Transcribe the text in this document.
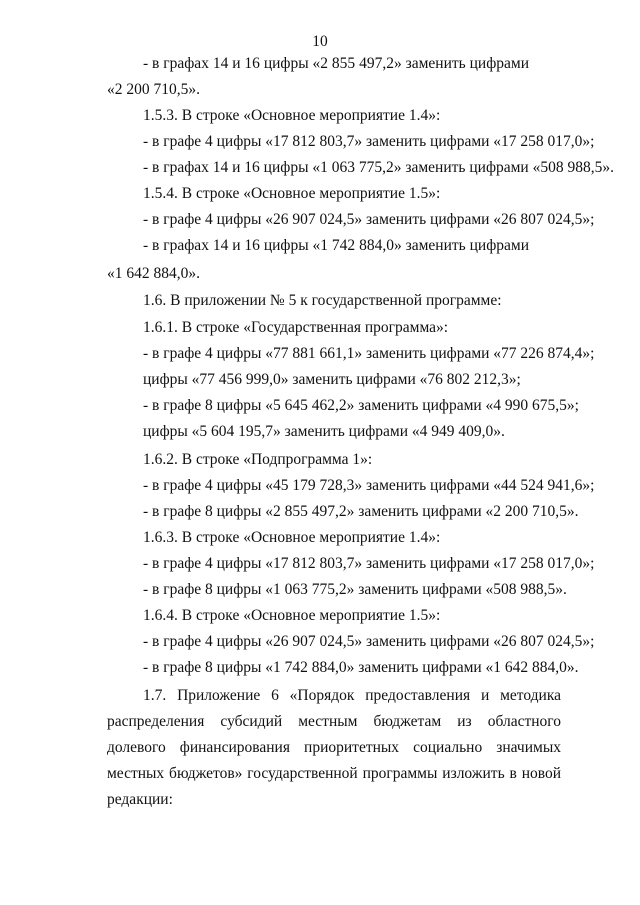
10
- в графах 14 и 16 цифры «2 855 497,2» заменить цифрами
«2 200 710,5».
1.5.3. В строке «Основное мероприятие 1.4»:
- в графе 4 цифры «17 812 803,7» заменить цифрами «17 258 017,0»;
- в графах 14 и 16 цифры «1 063 775,2» заменить цифрами «508 988,5».
1.5.4. В строке «Основное мероприятие 1.5»:
- в графе 4 цифры «26 907 024,5» заменить цифрами «26 807 024,5»;
- в графах 14 и 16 цифры «1 742 884,0» заменить цифрами
«1 642 884,0».
1.6. В приложении № 5 к государственной программе:
1.6.1. В строке «Государственная программа»:
- в графе 4 цифры «77 881 661,1» заменить цифрами «77 226 874,4»;
цифры «77 456 999,0» заменить цифрами «76 802 212,3»;
- в графе 8 цифры «5 645 462,2» заменить цифрами «4 990 675,5»;
цифры «5 604 195,7» заменить цифрами «4 949 409,0».
1.6.2. В строке «Подпрограмма 1»:
- в графе 4 цифры «45 179 728,3» заменить цифрами «44 524 941,6»;
- в графе 8 цифры «2 855 497,2» заменить цифрами «2 200 710,5».
1.6.3. В строке «Основное мероприятие 1.4»:
- в графе 4 цифры «17 812 803,7» заменить цифрами «17 258 017,0»;
- в графе 8 цифры «1 063 775,2» заменить цифрами «508 988,5».
1.6.4. В строке «Основное мероприятие 1.5»:
- в графе 4 цифры «26 907 024,5» заменить цифрами «26 807 024,5»;
- в графе 8 цифры «1 742 884,0» заменить цифрами «1 642 884,0».
1.7. Приложение 6 «Порядок предоставления и методика
распределения субсидий местным бюджетам из областного
долевого финансирования приоритетных социально значимых
местных бюджетов» государственной программы изложить в новой
редакции:
